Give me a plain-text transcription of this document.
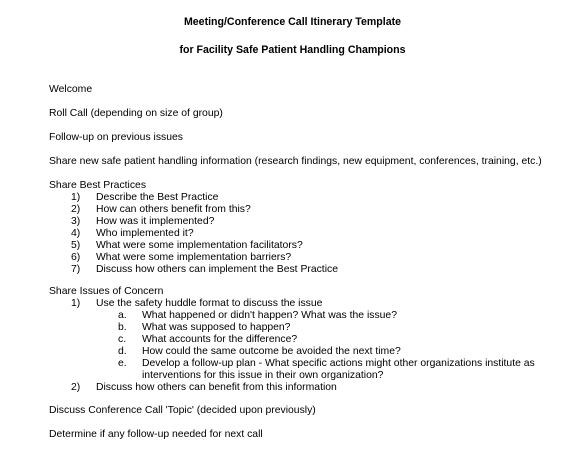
Meeting/Conference Call Itinerary Template
for Facility Safe Patient Handling Champions
Welcome
Roll Call (depending on size of group)
Follow-up on previous issues
Share new safe patient handling information (research findings, new equipment, conferences, training, etc.)
Share Best Practices
1) Describe the Best Practice
2) How can others benefit from this?
3) How was it implemented?
4) Who implemented it?
5) What were some implementation facilitators?
6) What were some implementation barriers?
7) Discuss how others can implement the Best Practice
Share Issues of Concern
1) Use the safety huddle format to discuss the issue
a. What happened or didn't happen? What was the issue?
b. What was supposed to happen?
c. What accounts for the difference?
d. How could the same outcome be avoided the next time?
e. Develop a follow-up plan - What specific actions might other organizations institute as
interventions for this issue in their own organization?
2) Discuss how others can benefit from this information
Discuss Conference Call 'Topic' (decided upon previously)
Determine if any follow-up needed for next call
